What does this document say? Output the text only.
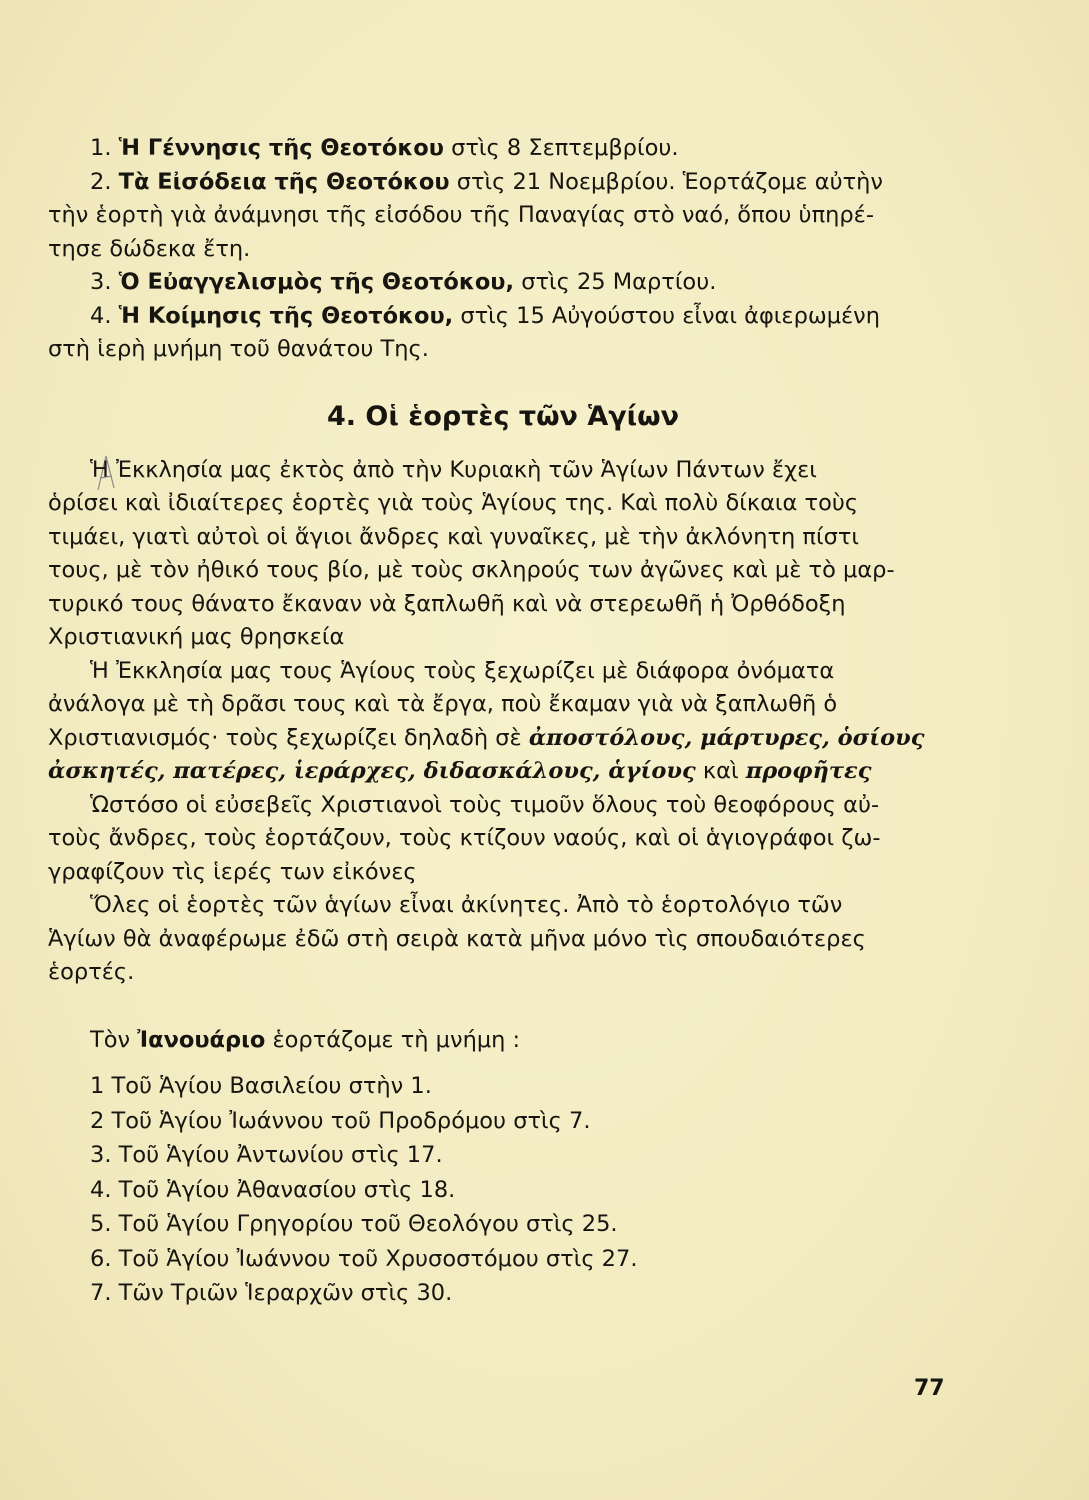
1. Ἡ Γέννησις τῆς Θεοτόκου στὶς 8 Σεπτεμβρίου.
2. Τὰ Εἰσόδεια τῆς Θεοτόκου στὶς 21 Νοεμβρίου. Ἑορτάζομε αὐτὴν
τὴν ἑορτὴ γιὰ ἀνάμνησι τῆς εἰσόδου τῆς Παναγίας στὸ ναό, ὅπου ὑπηρέ-
τησε δώδεκα ἔτη.
3. Ὁ Εὐαγγελισμὸς τῆς Θεοτόκου, στὶς 25 Μαρτίου.
4. Ἡ Κοίμησις τῆς Θεοτόκου, στὶς 15 Αὐγούστου εἶναι ἀφιερωμένη
στὴ ἱερὴ μνήμη τοῦ θανάτου Της.
4. Οἱ ἑορτὲς τῶν Ἁγίων
Ἡ Ἐκκλησία μας ἐκτὸς ἀπὸ τὴν Κυριακὴ τῶν Ἁγίων Πάντων ἔχει
ὁρίσει καὶ ἰδιαίτερες ἑορτὲς γιὰ τοὺς Ἁγίους της. Καὶ πολὺ δίκαια τοὺς
τιμάει, γιατὶ αὐτοὶ οἱ ἅγιοι ἄνδρες καὶ γυναῖκες, μὲ τὴν ἀκλόνητη πίστι
τους, μὲ τὸν ἠθικό τους βίο, μὲ τοὺς σκληρούς των ἀγῶνες καὶ μὲ τὸ μαρ-
τυρικό τους θάνατο ἔκαναν νὰ ξαπλωθῆ καὶ νὰ στερεωθῆ ἡ Ὀρθόδοξη
Χριστιανική μας θρησκεία
Ἡ Ἐκκλησία μας τους Ἁγίους τοὺς ξεχωρίζει μὲ διάφορα ὀνόματα
ἀνάλογα μὲ τὴ δρᾶσι τους καὶ τὰ ἔργα, ποὺ ἔκαμαν γιὰ νὰ ξαπλωθῆ ὁ
Χριστιανισμός· τοὺς ξεχωρίζει δηλαδὴ σὲ ἀποστόλους, μάρτυρες, ὁσίους
ἀσκητές, πατέρες, ἱεράρχες, διδασκάλους, ἁγίους καὶ προφῆτες
Ὡστόσο οἱ εὐσεβεῖς Χριστιανοὶ τοὺς τιμοῦν ὅλους τοὺ θεοφόρους αὐ-
τοὺς ἄνδρες, τοὺς ἑορτάζουν, τοὺς κτίζουν ναούς, καὶ οἱ ἁγιογράφοι ζω-
γραφίζουν τὶς ἱερές των εἰκόνες
Ὅλες οἱ ἑορτὲς τῶν ἁγίων εἶναι ἀκίνητες. Ἀπὸ τὸ ἑορτολόγιο τῶν
Ἁγίων θὰ ἀναφέρωμε ἐδῶ στὴ σειρὰ κατὰ μῆνα μόνο τὶς σπουδαιότερες
ἑορτές.
Τὸν Ἰανουάριο ἑορτάζομε τὴ μνήμη :
1 Τοῦ Ἁγίου Βασιλείου στὴν 1.
2 Τοῦ Ἁγίου Ἰωάννου τοῦ Προδρόμου στὶς 7.
3. Τοῦ Ἁγίου Ἀντωνίου στὶς 17.
4. Τοῦ Ἁγίου Ἀθανασίου στὶς 18.
5. Τοῦ Ἁγίου Γρηγορίου τοῦ Θεολόγου στὶς 25.
6. Τοῦ Ἁγίου Ἰωάννου τοῦ Χρυσοστόμου στὶς 27.
7. Τῶν Τριῶν Ἱεραρχῶν στὶς 30.
77
